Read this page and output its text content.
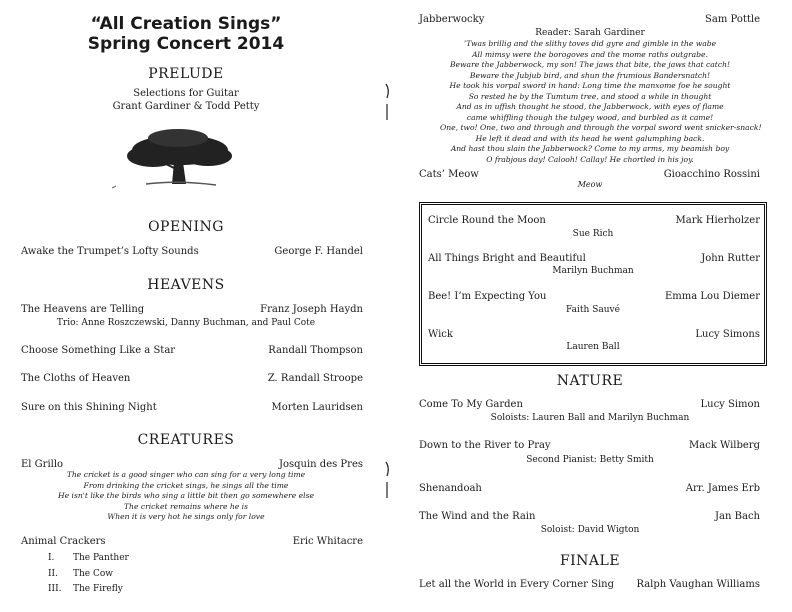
“All Creation Sings”
Spring Concert 2014
PRELUDE
Selections for Guitar
Grant Gardiner & Todd Petty
OPENING
Awake the Trumpet’s Lofty Sounds	George F. Handel
HEAVENS
The Heavens are Telling	Franz Joseph Haydn
Trio: Anne Roszczewski, Danny Buchman, and Paul Cote
Choose Something Like a Star	Randall Thompson
The Cloths of Heaven	Z. Randall Stroope
Sure on this Shining Night	Morten Lauridsen
CREATURES
El Grillo	Josquin des Pres
The cricket is a good singer who can sing for a very long time
From drinking the cricket sings, he sings all the time
He isn't like the birds who sing a little bit then go somewhere else
The cricket remains where he is
When it is very hot he sings only for love
Animal Crackers	Eric Whitacre
I. The Panther
II. The Cow
III. The Firefly
Jabberwocky	Sam Pottle
Reader: Sarah Gardiner
’Twas brillig and the slithy toves did gyre and gimble in the wabe
All mimsy were the borogoves and the mome raths outgrabe.
Beware the Jabberwock, my son! The jaws that bite, the jaws that catch!
Beware the Jubjub bird, and shun the frumious Bandersnatch!
He took his vorpal sword in hand: Long time the manxome foe he sought
So rested he by the Tumtum tree, and stood a while in thought
And as in uffish thought he stood, the Jabberwock, with eyes of flame
came whiffling though the tulgey wood, and burbled as it came!
One, two! One, two and through and through the vorpal sword went snicker-snack!
He left it dead and with its head he went galumphing back.
And hast thou slain the Jabberwock? Come to my arms, my beamish boy
O frabjous day! Calooh! Callay! He chortled in his joy.
Cats’ Meow	Gioacchino Rossini
Meow
Circle Round the Moon	Mark Hierholzer
Sue Rich
All Things Bright and Beautiful	John Rutter
Marilyn Buchman
Bee! I’m Expecting You	Emma Lou Diemer
Faith Sauvé
Wick	Lucy Simons
Lauren Ball
NATURE
Come To My Garden	Lucy Simon
Soloists: Lauren Ball and Marilyn Buchman
Down to the River to Pray	Mack Wilberg
Second Pianist: Betty Smith
Shenandoah	Arr. James Erb
The Wind and the Rain	Jan Bach
Soloist: David Wigton
FINALE
Let all the World in Every Corner Sing Ralph Vaughan Williams
